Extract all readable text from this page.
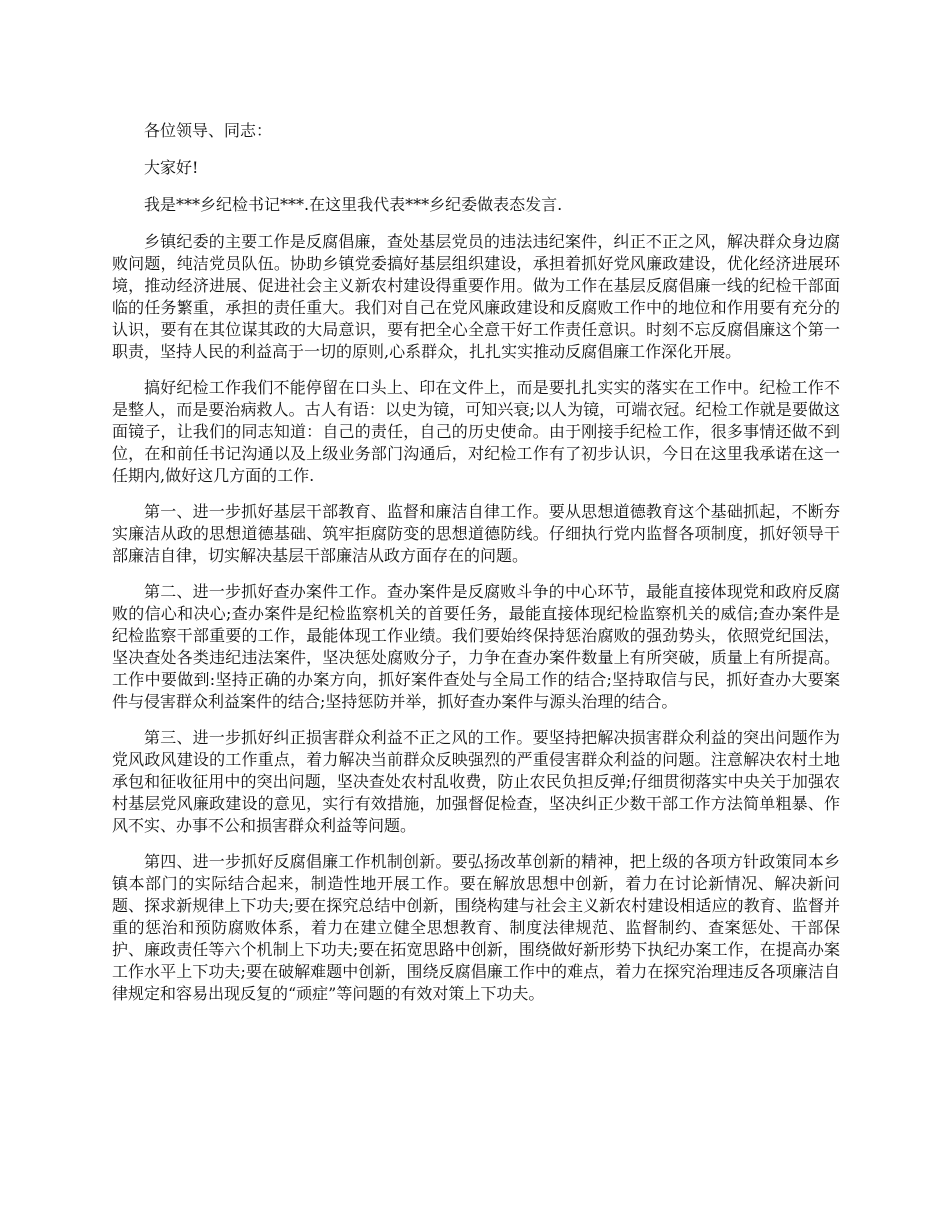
各位领导、同志：

大家好!

我是***乡纪检书记***.在这里我代表***乡纪委做表态发言.

乡镇纪委的主要工作是反腐倡廉，查处基层党员的违法违纪案件，纠正不正之风，解决群众身边腐败问题，纯洁党员队伍。协助乡镇党委搞好基层组织建设，承担着抓好党风廉政建设，优化经济进展环境，推动经济进展、促进社会主义新农村建设得重要作用。做为工作在基层反腐倡廉一线的纪检干部面临的任务繁重，承担的责任重大。我们对自己在党风廉政建设和反腐败工作中的地位和作用要有充分的认识，要有在其位谋其政的大局意识，要有把全心全意干好工作责任意识。时刻不忘反腐倡廉这个第一职责，坚持人民的利益高于一切的原则,心系群众，扎扎实实推动反腐倡廉工作深化开展。

搞好纪检工作我们不能停留在口头上、印在文件上，而是要扎扎实实的落实在工作中。纪检工作不是整人，而是要治病救人。古人有语：以史为镜，可知兴衰;以人为镜，可端衣冠。纪检工作就是要做这面镜子，让我们的同志知道：自己的责任，自己的历史使命。由于刚接手纪检工作，很多事情还做不到位，在和前任书记沟通以及上级业务部门沟通后，对纪检工作有了初步认识，今日在这里我承诺在这一任期内,做好这几方面的工作.

第一、进一步抓好基层干部教育、监督和廉洁自律工作。要从思想道德教育这个基础抓起，不断夯实廉洁从政的思想道德基础、筑牢拒腐防变的思想道德防线。仔细执行党内监督各项制度，抓好领导干部廉洁自律，切实解决基层干部廉洁从政方面存在的问题。

第二、进一步抓好查办案件工作。查办案件是反腐败斗争的中心环节，最能直接体现党和政府反腐败的信心和决心;查办案件是纪检监察机关的首要任务，最能直接体现纪检监察机关的威信;查办案件是纪检监察干部重要的工作，最能体现工作业绩。我们要始终保持惩治腐败的强劲势头，依照党纪国法，坚决查处各类违纪违法案件，坚决惩处腐败分子，力争在查办案件数量上有所突破，质量上有所提高。工作中要做到:坚持正确的办案方向，抓好案件查处与全局工作的结合;坚持取信与民，抓好查办大要案件与侵害群众利益案件的结合;坚持惩防并举，抓好查办案件与源头治理的结合。

第三、进一步抓好纠正损害群众利益不正之风的工作。要坚持把解决损害群众利益的突出问题作为党风政风建设的工作重点，着力解决当前群众反映强烈的严重侵害群众利益的问题。注意解决农村土地承包和征收征用中的突出问题，坚决查处农村乱收费，防止农民负担反弹;仔细贯彻落实中央关于加强农村基层党风廉政建设的意见，实行有效措施，加强督促检查，坚决纠正少数干部工作方法简单粗暴、作风不实、办事不公和损害群众利益等问题。

第四、进一步抓好反腐倡廉工作机制创新。要弘扬改革创新的精神，把上级的各项方针政策同本乡镇本部门的实际结合起来，制造性地开展工作。要在解放思想中创新，着力在讨论新情况、解决新问题、探求新规律上下功夫;要在探究总结中创新，围绕构建与社会主义新农村建设相适应的教育、监督并重的惩治和预防腐败体系，着力在建立健全思想教育、制度法律规范、监督制约、查案惩处、干部保护、廉政责任等六个机制上下功夫;要在拓宽思路中创新，围绕做好新形势下执纪办案工作，在提高办案工作水平上下功夫;要在破解难题中创新，围绕反腐倡廉工作中的难点，着力在探究治理违反各项廉洁自律规定和容易出现反复的“顽症”等问题的有效对策上下功夫。
